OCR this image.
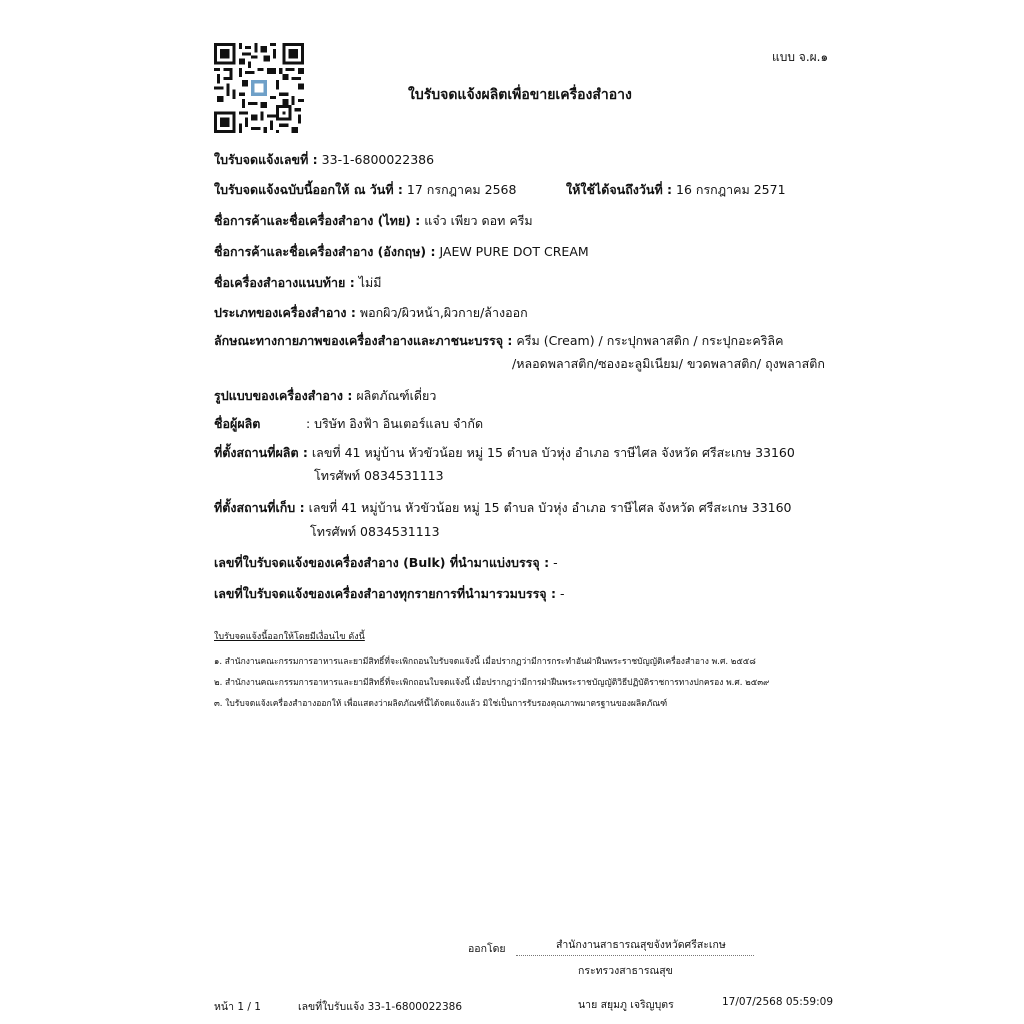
แบบ จ.ผ.๑
ใบรับจดแจ้งผลิตเพื่อขายเครื่องสำอาง
ใบรับจดแจ้งเลขที่ : 33-1-6800022386
ใบรับจดแจ้งฉบับนี้ออกให้ ณ วันที่ : 17 กรกฎาคม 2568	ให้ใช้ได้จนถึงวันที่ : 16 กรกฎาคม 2571
ชื่อการค้าและชื่อเครื่องสำอาง (ไทย) : แจ๋ว เพียว ดอท ครีม
ชื่อการค้าและชื่อเครื่องสำอาง (อังกฤษ) : JAEW PURE DOT CREAM
ชื่อเครื่องสำอางแนบท้าย : ไม่มี
ประเภทของเครื่องสำอาง : พอกผิว/ผิวหน้า,ผิวกาย/ล้างออก
ลักษณะทางกายภาพของเครื่องสำอางและภาชนะบรรจุ : ครีม (Cream) / กระปุกพลาสติก / กระปุกอะคริลิค
/หลอดพลาสติก/ซองอะลูมิเนียม/ ขวดพลาสติก/ ถุงพลาสติก
รูปแบบของเครื่องสำอาง : ผลิตภัณฑ์เดี่ยว
ชื่อผู้ผลิต	: บริษัท อิงฟ้า อินเตอร์แลบ จำกัด
ที่ตั้งสถานที่ผลิต : เลขที่ 41 หมู่บ้าน หัวขัวน้อย หมู่ 15 ตำบล บัวหุ่ง อำเภอ ราษีไศล จังหวัด ศรีสะเกษ 33160
โทรศัพท์ 0834531113
ที่ตั้งสถานที่เก็บ : เลขที่ 41 หมู่บ้าน หัวขัวน้อย หมู่ 15 ตำบล บัวหุ่ง อำเภอ ราษีไศล จังหวัด ศรีสะเกษ 33160
โทรศัพท์ 0834531113
เลขที่ใบรับจดแจ้งของเครื่องสำอาง (Bulk) ที่นำมาแบ่งบรรจุ : -
เลขที่ใบรับจดแจ้งของเครื่องสำอางทุกรายการที่นำมารวมบรรจุ : -
ใบรับจดแจ้งนี้ออกให้โดยมีเงื่อนไข ดังนี้
๑. สำนักงานคณะกรรมการอาหารและยามีสิทธิ์ที่จะเพิกถอนใบรับจดแจ้งนี้ เมื่อปรากฏว่ามีการกระทำอันฝ่าฝืนพระราชบัญญัติเครื่องสำอาง พ.ศ. ๒๕๕๘
๒. สำนักงานคณะกรรมการอาหารและยามีสิทธิ์ที่จะเพิกถอนใบจดแจ้งนี้ เมื่อปรากฏว่ามีการฝ่าฝืนพระราชบัญญัติวิธีปฏิบัติราชการทางปกครอง พ.ศ. ๒๕๓๙
๓. ใบรับจดแจ้งเครื่องสำอางออกให้ เพื่อแสดงว่าผลิตภัณฑ์นี้ได้จดแจ้งแล้ว มิใช่เป็นการรับรองคุณภาพมาตรฐานของผลิตภัณฑ์
ออกโดย	สำนักงานสาธารณสุขจังหวัดศรีสะเกษ
กระทรวงสาธารณสุข
หน้า 1 / 1	เลขที่ใบรับแจ้ง 33-1-6800022386	นาย สยุมภู เจริญบุตร	17/07/2568 05:59:09
